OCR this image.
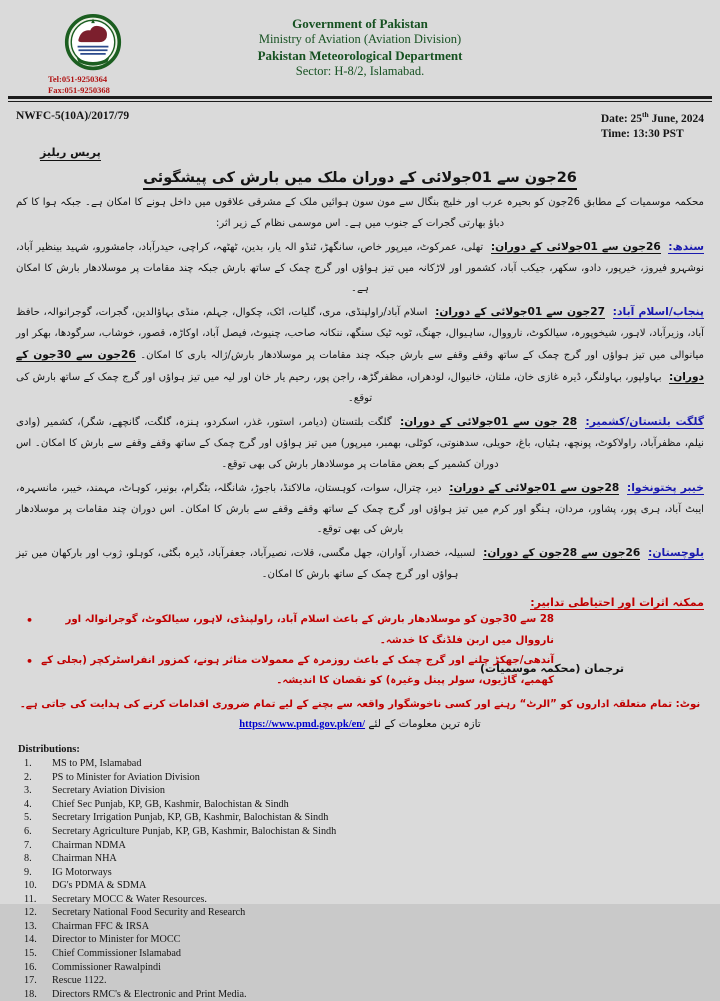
Tel:051-9250364
Fax:051-9250368
Government of Pakistan
Ministry of Aviation (Aviation Division)
Pakistan Meteorological Department
Sector: H-8/2, Islamabad.
NWFC-5(10A)/2017/79	Date: 25th June, 2024
Time: 13:30 PST
پریس ریلیز
26جون سے 01جولائی کے دوران ملک میں بارش کی پیشگوئی

محکمہ موسمیات کے مطابق 26جون کو بحیرہ عرب اور خلیج بنگال سے مون سون ہوائیں ملک کے مشرقی علاقوں میں داخل ہونے کا امکان ہے۔ جبکہ ہوا کا کم دباؤ بھارتی گجرات کے جنوب میں ہے۔ اس موسمی نظام کے زیر اثر:

سندھ: 26جون سے 01جولائی کے دوران: تھلی، عمرکوٹ، میرپور خاص، سانگھڑ، ٹنڈو الہ یار، بدین، ٹھٹھہ، کراچی، حیدرآباد، جامشورو، شہید بینظیر آباد، نوشہرو فیروز، خیرپور، دادو، سکھر، جیکب آباد، کشمور اور لاڑکانہ میں تیز ہواؤں اور گرج چمک کے ساتھ بارش جبکہ چند مقامات پر موسلادھار بارش کا امکان ہے۔

پنجاب/اسلام آباد: 27جون سے 01جولائی کے دوران: اسلام آباد/راولپنڈی، مری، گلیات، اٹک، چکوال، جہلم، منڈی بہاؤالدین، گجرات، گوجرانوالہ، حافظ آباد، وزیرآباد، لاہور، شیخوپورہ، سیالکوٹ، نارووال، ساہیوال، جھنگ، ٹوبہ ٹیک سنگھ، ننکانہ صاحب، چنیوٹ، فیصل آباد، اوکاڑہ، قصور، خوشاب، سرگودھا، بھکر اور میانوالی میں تیز ہواؤں اور گرج چمک کے ساتھ وقفے وقفے سے بارش جبکہ چند مقامات پر موسلادھار بارش/ژالہ باری کا امکان۔ 26جون سے 30جون کے دوران: بہاولپور، بہاولنگر، ڈیرہ غازی خان، ملتان، خانیوال، لودھراں، مظفرگڑھ، راجن پور، رحیم یار خان اور لیہ میں تیز ہواؤں اور گرج چمک کے ساتھ بارش کی توقع۔

گلگت بلتستان/کشمیر: 28 جون سے 01جولائی کے دوران: گلگت بلتستان (دیامر، استور، غذر، اسکردو، ہنزہ، گلگت، گانچھے، شگر)، کشمیر (وادی نیلم، مظفرآباد، راولاکوٹ، پونچھ، ہٹیاں، باغ، حویلی، سدھنوتی، کوٹلی، بھمبر، میرپور) میں تیز ہواؤں اور گرج چمک کے ساتھ وقفے وقفے سے بارش کا امکان۔ اس دوران کشمیر کے بعض مقامات پر موسلادھار بارش کی بھی توقع۔

خیبر پختونخوا: 28جون سے 01جولائی کے دوران: دیر، چترال، سوات، کوہستان، مالاکنڈ، باجوڑ، شانگلہ، بٹگرام، بونیر، کوہاٹ، مہمند، خیبر، مانسہرہ، ایبٹ آباد، ہری پور، پشاور، مردان، ہنگو اور کرم میں تیز ہواؤں اور گرج چمک کے ساتھ وقفے وقفے سے بارش کا امکان۔ اس دوران چند مقامات پر موسلادھار بارش کی بھی توقع۔

بلوچستان: 26جون سے 28جون کے دوران: لسبیلہ، خضدار، آواران، جھل مگسی، قلات، نصیرآباد، جعفرآباد، ڈیرہ بگٹی، کوہلو، ژوب اور بارکھان میں تیز ہواؤں اور گرج چمک کے ساتھ بارش کا امکان۔

ممکنہ اثرات اور احتیاطی تدابیر:
•	28 سے 30جون کو موسلادھار بارش کے باعث اسلام آباد، راولپنڈی، لاہور، سیالکوٹ، گوجرانوالہ اور نارووال میں اربن فلڈنگ کا خدشہ۔
• آندھی/جھکڑ چلنے اور گرج چمک کے باعث روزمرہ کے معمولات متاثر ہونے، کمزور انفراسٹرکچر (بجلی کے کھمبے، گاڑیوں، سولر پینل وغیرہ) کو نقصان کا اندیشہ۔
نوٹ: تمام متعلقہ اداروں کو ”الرٹ“ رہنے اور کسی ناخوشگوار واقعہ سے بچنے کے لیے تمام ضروری اقدامات کرنے کی ہدایت کی جاتی ہے۔
تازہ ترین معلومات کے لئے https://www.pmd.gov.pk/en/
Distributions:
MS to PM, Islamabad
PS to Minister for Aviation Division
Secretary Aviation Division
Chief Sec Punjab, KP, GB, Kashmir, Balochistan & Sindh
Secretary Irrigation Punjab, KP, GB, Kashmir, Balochistan & Sindh
Secretary Agriculture Punjab, KP, GB, Kashmir, Balochistan & Sindh
Chairman NDMA
Chairman NHA
IG Motorways
DG's PDMA & SDMA
Secretary MOCC & Water Resources.
Secretary National Food Security and Research
Chairman FFC & IRSA
Director to Minister for MOCC
Chief Commissioner Islamabad
Commissioner Rawalpindi
Rescue 1122.
Directors RMC's & Electronic and Print Media.
ترجمان (محکمہ موسمیات)
